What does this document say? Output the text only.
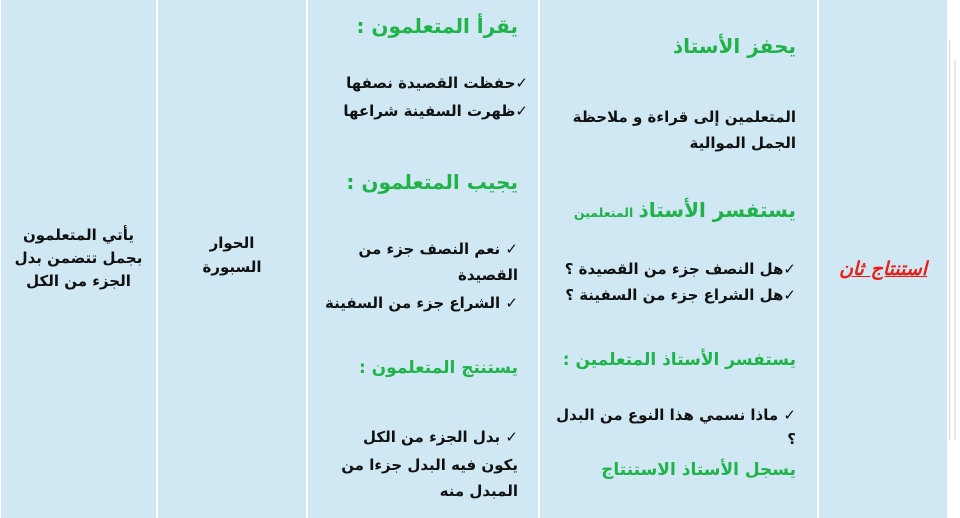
يأتي المتعلمون
بجمل تتضمن بدل
الجزء من الكل
الحوار
السبورة
يقرأ المتعلمون :
✓حفظت القصيدة نصفها
✓ظهرت السفينة شراعها
يجيب المتعلمون :
✓ نعم النصف جزء من
القصيدة
✓ الشراع جزء من السفينة
يستنتج المتعلمون :
✓ بدل الجزء من الكل
يكون فيه البدل جزءا من
المبدل منه
يحفز الأستاذ
المتعلمين إلى قراءة و ملاحظة
الجمل الموالية
يستفسر الأستاذ المتعلمين
✓هل النصف جزء من القصيدة ؟
✓هل الشراع جزء من السفينة ؟
يستفسر الأستاذ المتعلمين :
✓ ماذا نسمي هذا النوع من البدل
؟
يسجل الأستاذ الاستنتاج
استنتاج ثان
